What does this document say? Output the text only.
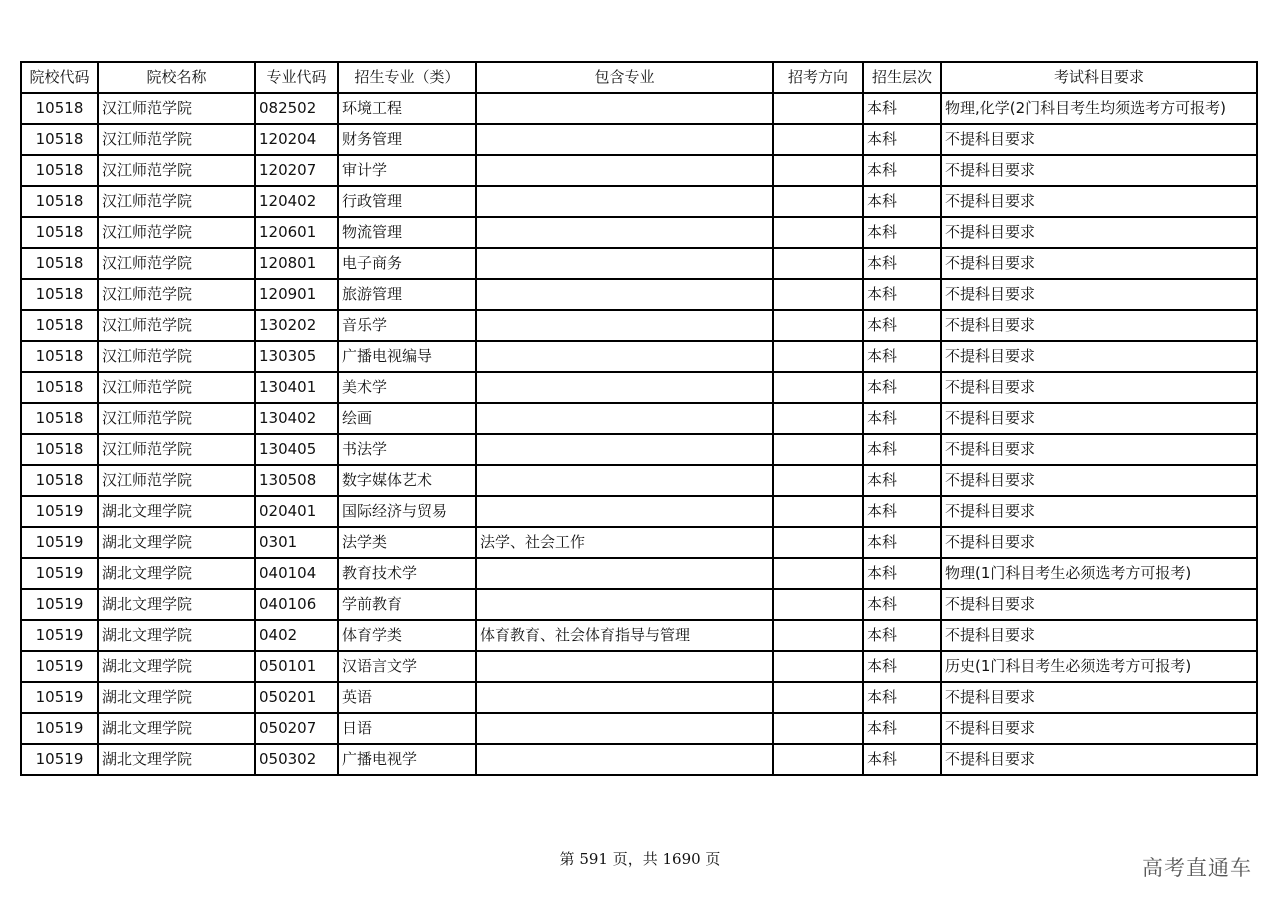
院校代码	院校名称	专业代码	招生专业（类）	包含专业	招考方向	招生层次	考试科目要求
10518	汉江师范学院	082502	环境工程			本科	物理,化学(2门科目考生均须选考方可报考)
10518	汉江师范学院	120204	财务管理			本科	不提科目要求
10518	汉江师范学院	120207	审计学			本科	不提科目要求
10518	汉江师范学院	120402	行政管理			本科	不提科目要求
10518	汉江师范学院	120601	物流管理			本科	不提科目要求
10518	汉江师范学院	120801	电子商务			本科	不提科目要求
10518	汉江师范学院	120901	旅游管理			本科	不提科目要求
10518	汉江师范学院	130202	音乐学			本科	不提科目要求
10518	汉江师范学院	130305	广播电视编导			本科	不提科目要求
10518	汉江师范学院	130401	美术学			本科	不提科目要求
10518	汉江师范学院	130402	绘画			本科	不提科目要求
10518	汉江师范学院	130405	书法学			本科	不提科目要求
10518	汉江师范学院	130508	数字媒体艺术			本科	不提科目要求
10519	湖北文理学院	020401	国际经济与贸易			本科	不提科目要求
10519	湖北文理学院	0301	法学类	法学、社会工作		本科	不提科目要求
10519	湖北文理学院	040104	教育技术学			本科	物理(1门科目考生必须选考方可报考)
10519	湖北文理学院	040106	学前教育			本科	不提科目要求
10519	湖北文理学院	0402	体育学类	体育教育、社会体育指导与管理		本科	不提科目要求
10519	湖北文理学院	050101	汉语言文学			本科	历史(1门科目考生必须选考方可报考)
10519	湖北文理学院	050201	英语			本科	不提科目要求
10519	湖北文理学院	050207	日语			本科	不提科目要求
10519	湖北文理学院	050302	广播电视学			本科	不提科目要求
第 591 页，共 1690 页	高考直通车
